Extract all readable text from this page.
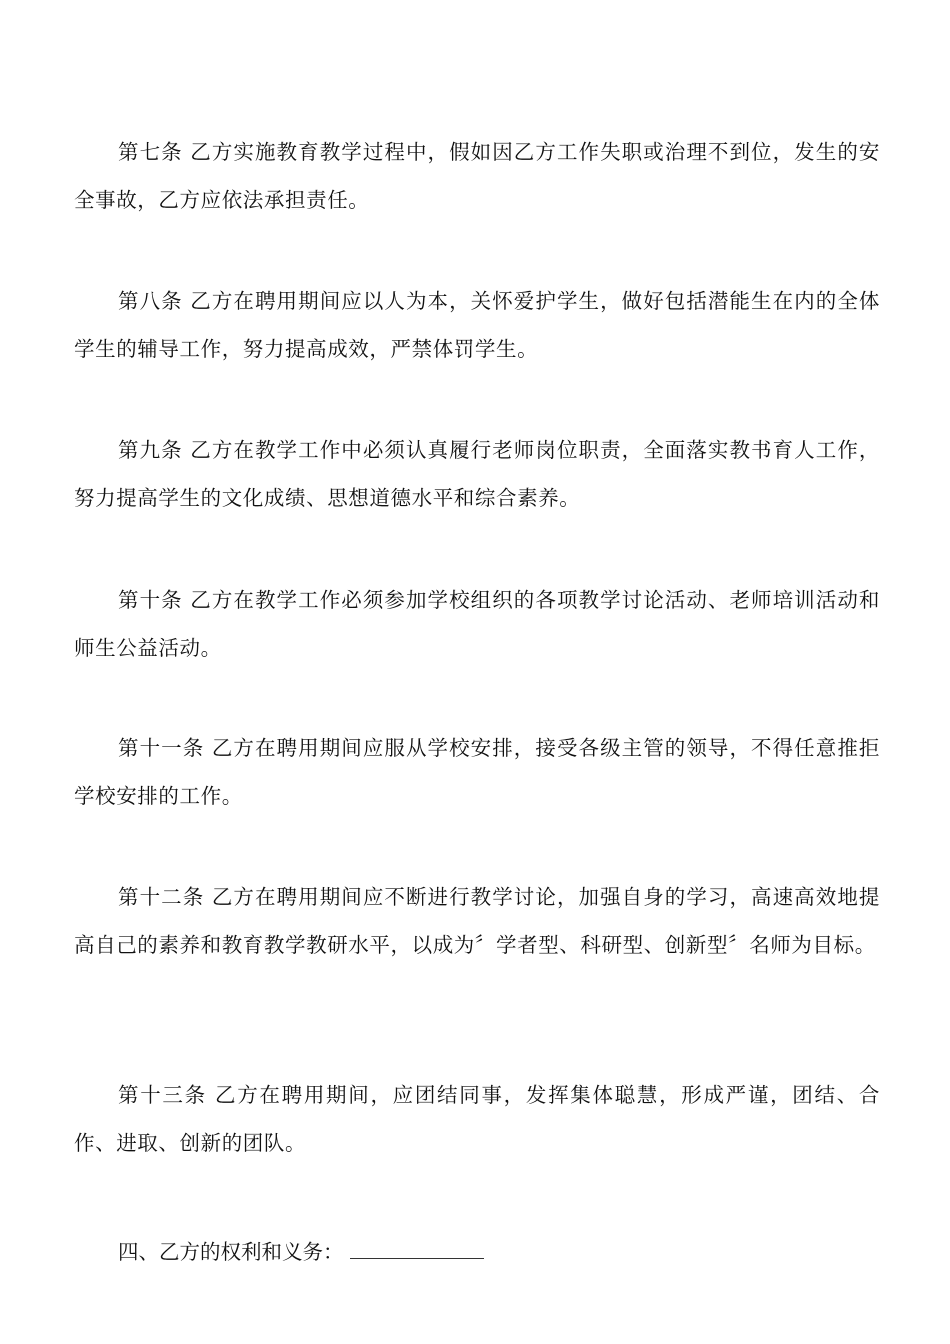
第七条 乙方实施教育教学过程中，假如因乙方工作失职或治理不到位，发生的安全事故，乙方应依法承担责任。

第八条 乙方在聘用期间应以人为本，关怀爱护学生，做好包括潜能生在内的全体学生的辅导工作，努力提高成效，严禁体罚学生。

第九条 乙方在教学工作中必须认真履行老师岗位职责，全面落实教书育人工作，努力提高学生的文化成绩、思想道德水平和综合素养。

第十条 乙方在教学工作必须参加学校组织的各项教学讨论活动、老师培训活动和师生公益活动。

第十一条 乙方在聘用期间应服从学校安排，接受各级主管的领导，不得任意推拒学校安排的工作。

第十二条 乙方在聘用期间应不断进行教学讨论，加强自身的学习，高速高效地提高自己的素养和教育教学教研水平，以成为〞学者型、科研型、创新型〞名师为目标。

第十三条 乙方在聘用期间，应团结同事，发挥集体聪慧，形成严谨，团结、合作、进取、创新的团队。

四、乙方的权利和义务：
